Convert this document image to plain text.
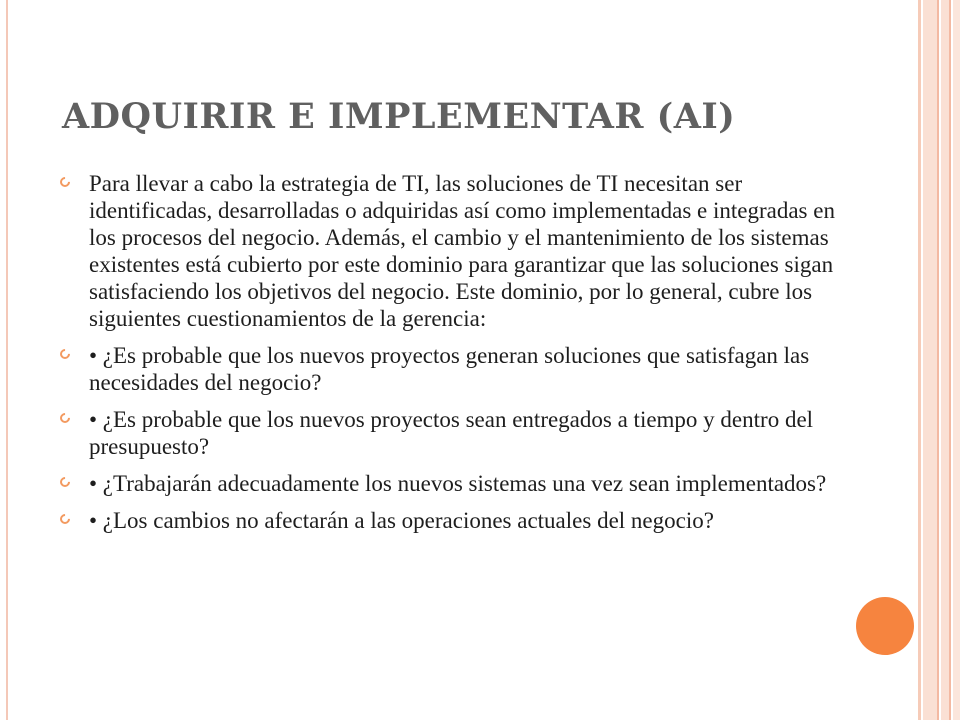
ADQUIRIR E IMPLEMENTAR (AI)
Para llevar a cabo la estrategia de TI, las soluciones de TI necesitan ser identificadas, desarrolladas o adquiridas así como implementadas e integradas en los procesos del negocio. Además, el cambio y el mantenimiento de los sistemas existentes está cubierto por este dominio para garantizar que las soluciones sigan satisfaciendo los objetivos del negocio. Este dominio, por lo general, cubre los siguientes cuestionamientos de la gerencia:
• ¿Es probable que los nuevos proyectos generan soluciones que satisfagan las necesidades del negocio?
• ¿Es probable que los nuevos proyectos sean entregados a tiempo y dentro del presupuesto?
• ¿Trabajarán adecuadamente los nuevos sistemas una vez sean implementados?
• ¿Los cambios no afectarán a las operaciones actuales del negocio?
